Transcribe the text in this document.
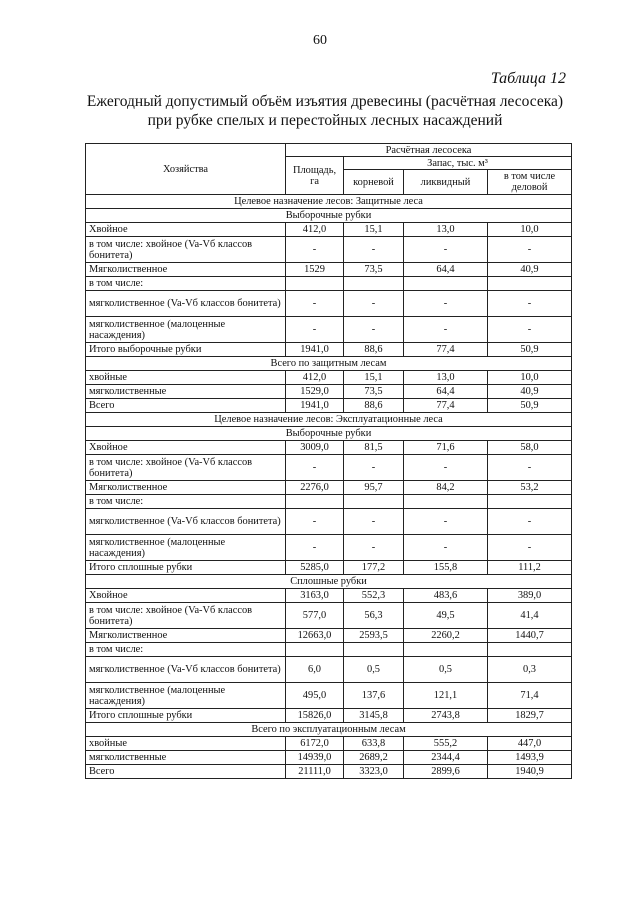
60
Таблица 12
Ежегодный допустимый объём изъятия древесины (расчётная лесосека)
при рубке спелых и перестойных лесных насаждений
Хозяйства	Расчётная лесосека			
	Площадь, га	Запас, тыс. м³		
		корневой	ликвидный	в том числе деловой
Целевое назначение лесов: Защитные леса				
Выборочные рубки				
Хвойное	412,0	15,1	13,0	10,0
в том числе: хвойное (Va-Vб классов бонитета)	-	-	-	-
Мягколиственное	1529	73,5	64,4	40,9
в том числе:				
мягколиственное (Va-Vб классов бонитета)	-	-	-	-
мягколиственное (малоценные насаждения)	-	-	-	-
Итого выборочные рубки	1941,0	88,6	77,4	50,9
Всего по защитным лесам				
хвойные	412,0	15,1	13,0	10,0
мягколиственные	1529,0	73,5	64,4	40,9
Всего	1941,0	88,6	77,4	50,9
Целевое назначение лесов: Эксплуатационные леса				
Выборочные рубки				
Хвойное	3009,0	81,5	71,6	58,0
в том числе: хвойное (Va-Vб классов бонитета)	-	-	-	-
Мягколиственное	2276,0	95,7	84,2	53,2
в том числе:				
мягколиственное (Va-Vб классов бонитета)	-	-	-	-
мягколиственное (малоценные насаждения)	-	-	-	-
Итого сплошные рубки	5285,0	177,2	155,8	111,2
Сплошные рубки				
Хвойное	3163,0	552,3	483,6	389,0
в том числе: хвойное (Va-Vб классов бонитета)	577,0	56,3	49,5	41,4
Мягколиственное	12663,0	2593,5	2260,2	1440,7
в том числе:				
мягколиственное (Va-Vб классов бонитета)	6,0	0,5	0,5	0,3
мягколиственное (малоценные насаждения)	495,0	137,6	121,1	71,4
Итого сплошные рубки	15826,0	3145,8	2743,8	1829,7
Всего по эксплуатационным лесам				
хвойные	6172,0	633,8	555,2	447,0
мягколиственные	14939,0	2689,2	2344,4	1493,9
Всего	21111,0	3323,0	2899,6	1940,9
